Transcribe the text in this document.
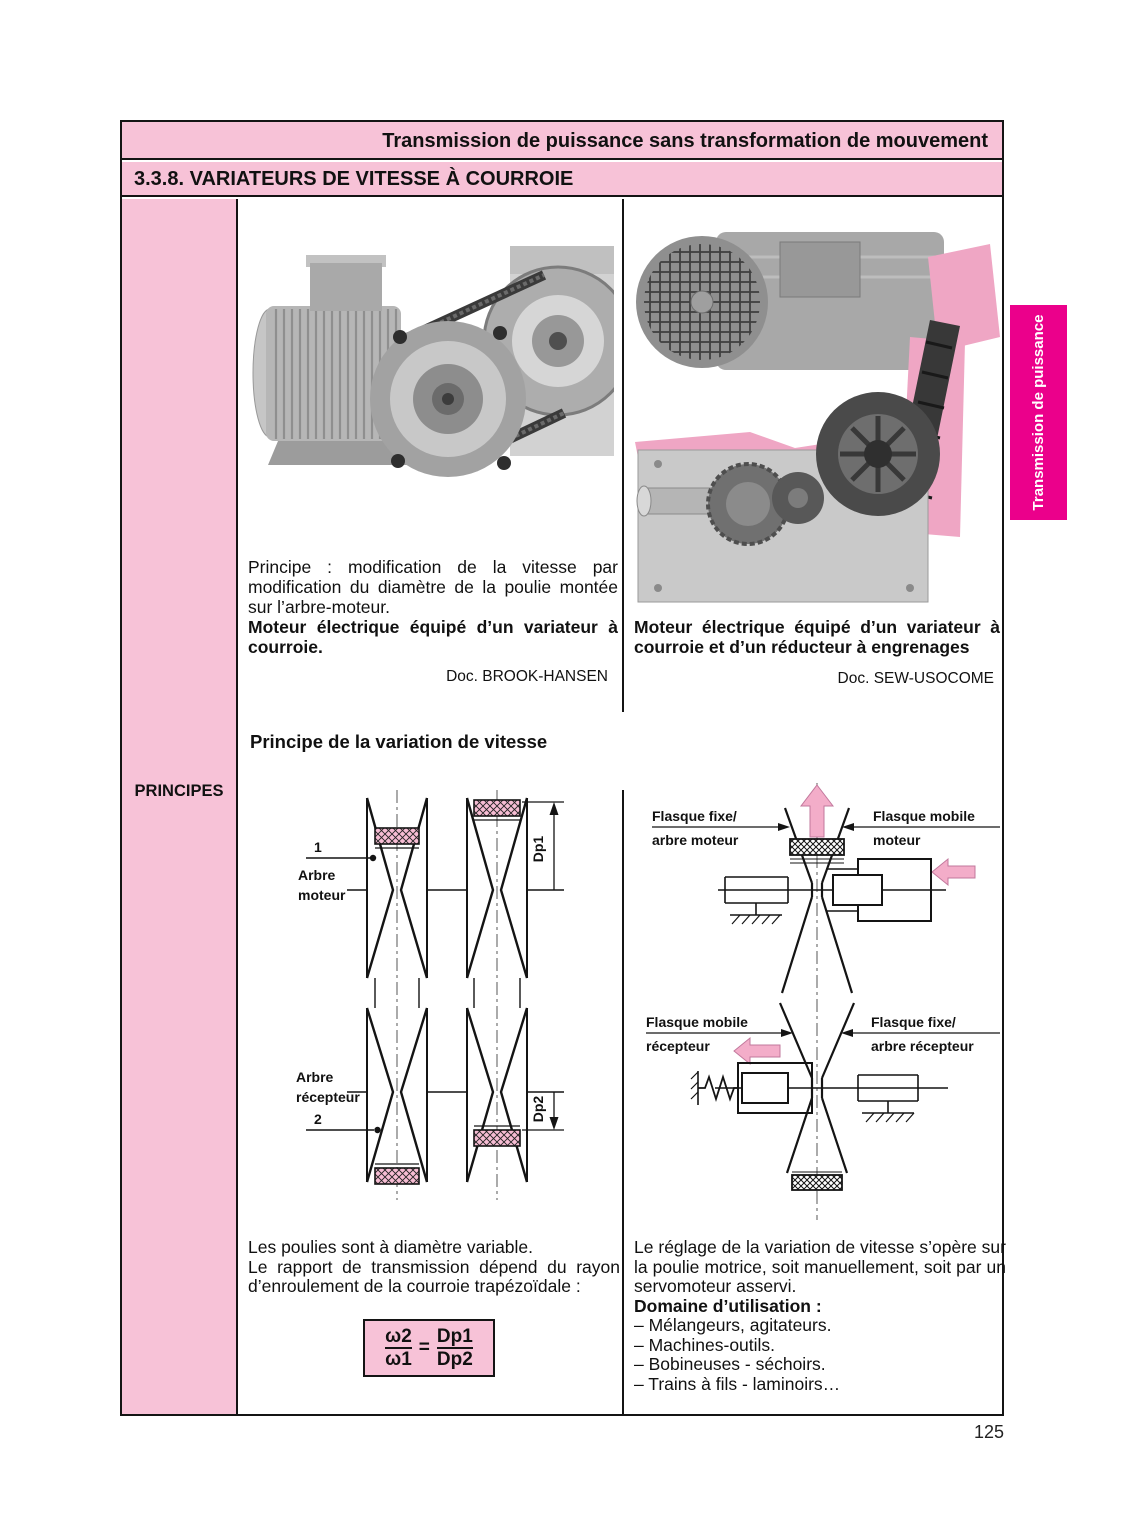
Transmission de puissance sans transformation de mouvement
3.3.8. VARIATEURS DE VITESSE À COURROIE
PRINCIPES

Principe : modification de la vitesse par modification du diamètre de la poulie montée sur l’arbre-moteur.

Moteur électrique équipé d’un variateur à courroie.

Doc. BROOK-HANSEN
Moteur électrique équipé d’un variateur à courroie et d’un réducteur à engrenages
Doc. SEW-USOCOME
Principe de la variation de vitesse
Dp1
Dp2
1
Arbre
moteur
Arbre
récepteur
2
Flasque fixe/
arbre moteur
Flasque mobile
moteur
Flasque mobile
récepteur
Flasque fixe/
arbre récepteur

Les poulies sont à diamètre variable.

Le rapport de transmission dépend du rayon d’enroulement de la courroie trapézoïdale :

$\frac{\omega 2}{\omega 1} = \frac{Dp1}{Dp2}$

Le réglage de la variation de vitesse s’opère sur la poulie motrice, soit manuellement, soit par un servomoteur asservi.

Domaine d’utilisation :

– Mélangeurs, agitateurs.

– Machines-outils.

– Bobineuses - séchoirs.

– Trains à fils - laminoirs…

Transmission de puissance
125
